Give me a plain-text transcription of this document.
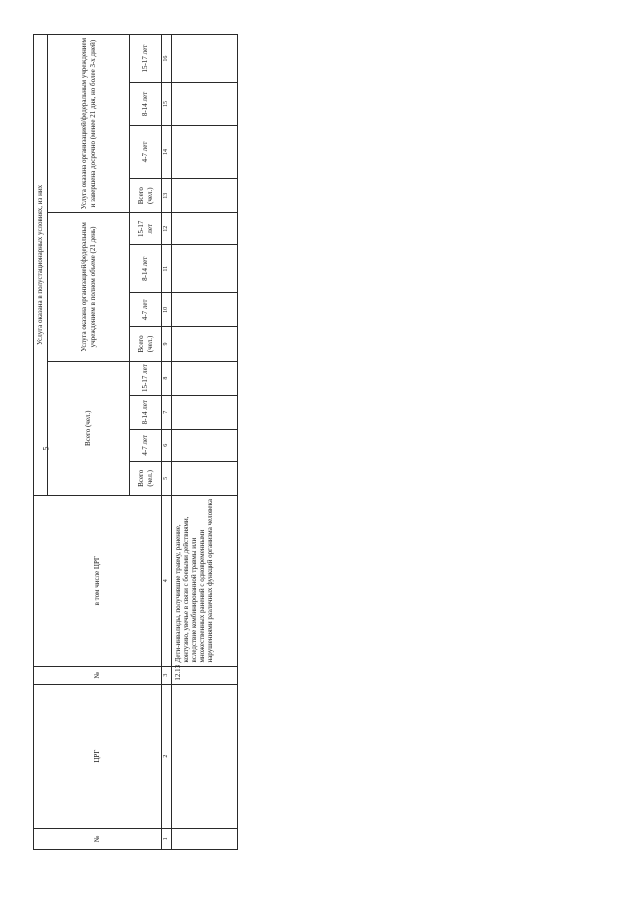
5
№	ЦРГ	№	в том числе ЦРГ	Услуга оказана в полустационарных условиях, из них											
				Всего (чел.)				Услуга оказана организацией/федеральным учреждением в полном объеме (21 день)				Услуга оказана организацией/федеральным учреждением и завершена досрочно (менее 21 дня, но более 3-х дней)			
				Всего (чел.)	4-7 лет	8-14 лет	15-17 лет	Всего (чел.)	4-7 лет	8-14 лет	15-17 лет	Всего (чел.)	4-7 лет	8-14 лет	15-17 лет
1	2	3	4	5	6	7	8	9	10	11	12	13	14	15	16
		12.13	Дети-инвалиды, получившие травму, ранение, контузию, увечье в связи с боевыми действиями, вследствие комбинированной травмы или множественных ранений с одновременными нарушениями различных функций организма человека												
